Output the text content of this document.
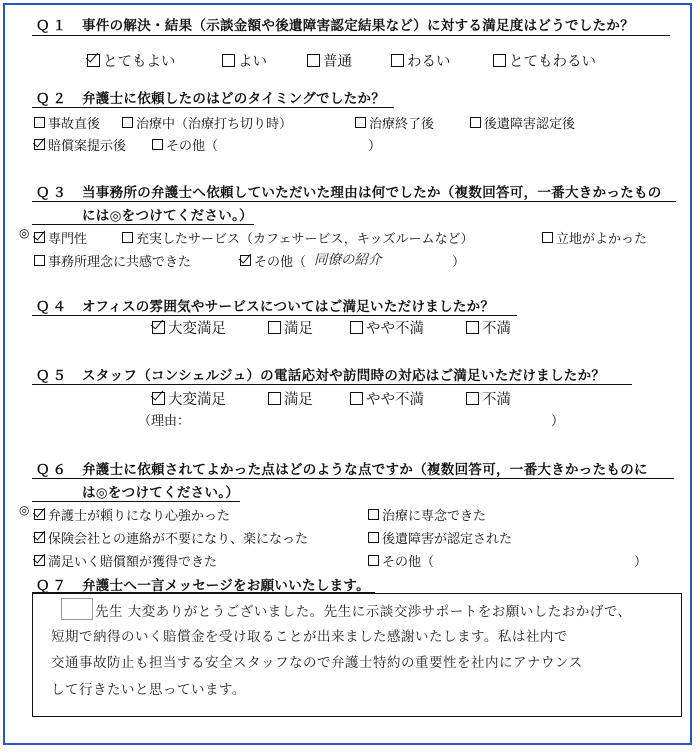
Ｑ１ 事件の解決・結果（示談金額や後遺障害認定結果など）に対する満足度はどうでしたか？
とてもよい	よい	普通	わるい	とてもわるい
Ｑ２ 弁護士に依頼したのはどのタイミングでしたか？
事故直後	治療中（治療打ち切り時）	治療終了後	後遺障害認定後
賠償案提示後	その他（	）
Ｑ３ 当事務所の弁護士へ依頼していただいた理由は何でしたか（複数回答可，一番大きかったもの
には◎をつけてください。）
◎ 専門性	充実したサービス（カフェサービス，キッズルームなど）	立地がよかった
事務所理念に共感できた	その他（ 同僚の紹介	）
Ｑ４ オフィスの雰囲気やサービスについてはご満足いただけましたか？
大変満足	満足	やや不満	不満
Ｑ５ スタッフ（コンシェルジュ）の電話応対や訪問時の対応はご満足いただけましたか？
大変満足	満足	やや不満	不満
（理由：	）
Ｑ６ 弁護士に依頼されてよかった点はどのような点ですか（複数回答可，一番大きかったものに
は◎をつけてください。）
◎ 弁護士が頼りになり心強かった	治療に専念できた
保険会社との連絡が不要になり、楽になった	後遺障害が認定された
満足いく賠償額が獲得できた	その他（	）
Ｑ７ 弁護士へ一言メッセージをお願いいたします。
先生 大変ありがとうございました。先生に示談交渉サポートをお願いしたおかげで、
短期で納得のいく賠償金を受け取ることが出来ました感謝いたします。私は社内で
交通事故防止も担当する安全スタッフなので弁護士特約の重要性を社内にアナウンス
して行きたいと思っています。
